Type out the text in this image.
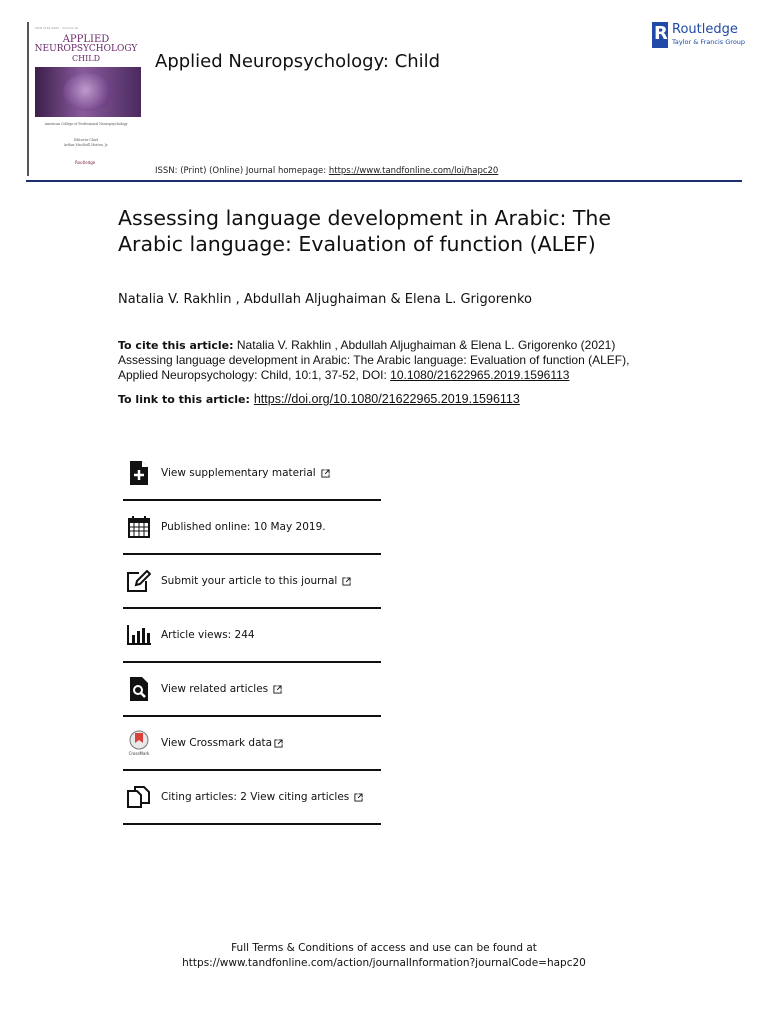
ISSN 2162-2965 · Volume 10
APPLIED
NEUROPSYCHOLOGY
CHILD
American College of Professional Neuropsychology
Editor-in-Chief
Arthur MacNeill Horton, Jr.
Routledge
Applied Neuropsychology: Child
R Routledge
Taylor & Francis Group
ISSN: (Print) (Online) Journal homepage: https://www.tandfonline.com/loi/hapc20
Assessing language development in Arabic: The Arabic language: Evaluation of function (ALEF)
Natalia V. Rakhlin , Abdullah Aljughaiman & Elena L. Grigorenko
To cite this article: Natalia V. Rakhlin , Abdullah Aljughaiman & Elena L. Grigorenko (2021) Assessing language development in Arabic: The Arabic language: Evaluation of function (ALEF), Applied Neuropsychology: Child, 10:1, 37-52, DOI: 10.1080/21622965.2019.1596113
To link to this article: https://doi.org/10.1080/21622965.2019.1596113
View supplementary material
Published online: 10 May 2019.
Submit your article to this journal
Article views: 244
View related articles
CrossMark
View Crossmark data
Citing articles: 2 View citing articles
Full Terms & Conditions of access and use can be found at
https://www.tandfonline.com/action/journalInformation?journalCode=hapc20
